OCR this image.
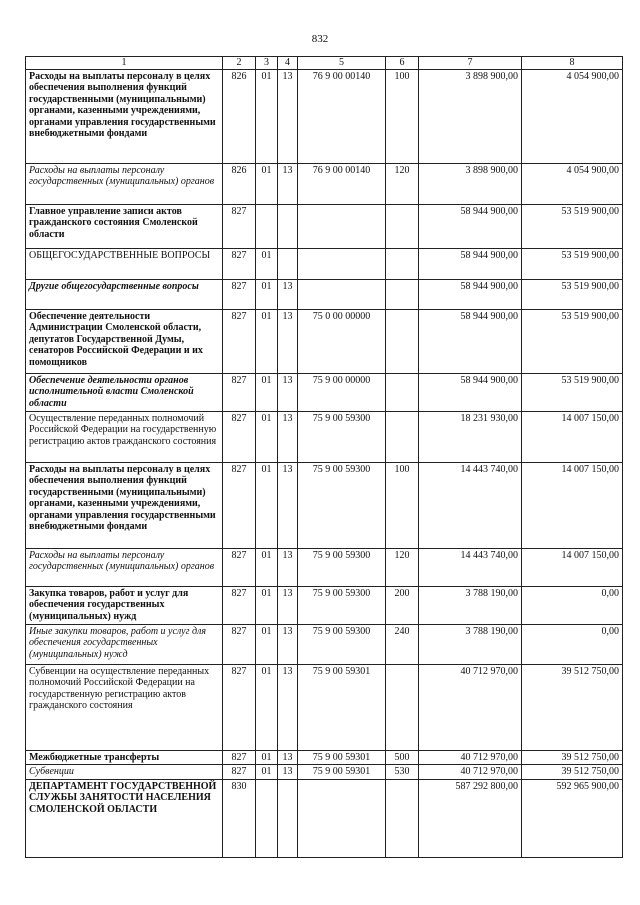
832
1	2	3	4	5	6	7	8
Расходы на выплаты персоналу в целях обеспечения выполнения функций государственными (муниципальными) органами, казенными учреждениями, органами управления государственными внебюджетными фондами	826	01	13	76 9 00 00140	100	3 898 900,00	4 054 900,00
Расходы на выплаты персоналу государственных (муниципальных) органов	826	01	13	76 9 00 00140	120	3 898 900,00	4 054 900,00
Главное управление записи актов гражданского состояния Смоленской области	827					58 944 900,00	53 519 900,00
ОБЩЕГОСУДАРСТВЕННЫЕ ВОПРОСЫ	827	01				58 944 900,00	53 519 900,00
Другие общегосударственные вопросы	827	01	13			58 944 900,00	53 519 900,00
Обеспечение деятельности Администрации Смоленской области, депутатов Государственной Думы, сенаторов Российской Федерации и их помощников	827	01	13	75 0 00 00000		58 944 900,00	53 519 900,00
Обеспечение деятельности органов исполнительной власти Смоленской области	827	01	13	75 9 00 00000		58 944 900,00	53 519 900,00
Осуществление переданных полномочий Российской Федерации на государственную регистрацию актов гражданского состояния	827	01	13	75 9 00 59300		18 231 930,00	14 007 150,00
Расходы на выплаты персоналу в целях обеспечения выполнения функций государственными (муниципальными) органами, казенными учреждениями, органами управления государственными внебюджетными фондами	827	01	13	75 9 00 59300	100	14 443 740,00	14 007 150,00
Расходы на выплаты персоналу государственных (муниципальных) органов	827	01	13	75 9 00 59300	120	14 443 740,00	14 007 150,00
Закупка товаров, работ и услуг для обеспечения государственных (муниципальных) нужд	827	01	13	75 9 00 59300	200	3 788 190,00	0,00
Иные закупки товаров, работ и услуг для обеспечения государственных (муниципальных) нужд	827	01	13	75 9 00 59300	240	3 788 190,00	0,00
Субвенции на осуществление переданных полномочий Российской Федерации на государственную регистрацию актов гражданского состояния	827	01	13	75 9 00 59301		40 712 970,00	39 512 750,00
Межбюджетные трансферты	827	01	13	75 9 00 59301	500	40 712 970,00	39 512 750,00
Субвенции	827	01	13	75 9 00 59301	530	40 712 970,00	39 512 750,00
ДЕПАРТАМЕНТ ГОСУДАРСТВЕННОЙ СЛУЖБЫ ЗАНЯТОСТИ НАСЕЛЕНИЯ СМОЛЕНСКОЙ ОБЛАСТИ	830					587 292 800,00	592 965 900,00
